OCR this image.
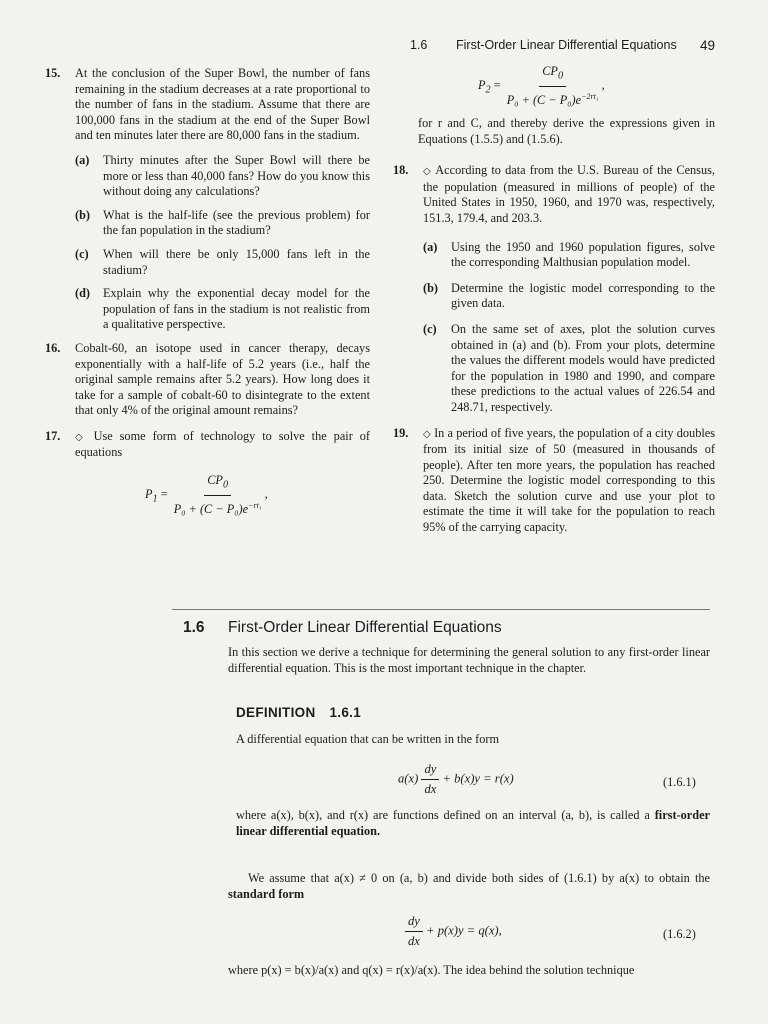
1.6 First-Order Linear Differential Equations 49
15. At the conclusion of the Super Bowl, the number of fans remaining in the stadium decreases at a rate proportional to the number of fans in the stadium. Assume that there are 100,000 fans in the stadium at the end of the Super Bowl and ten minutes later there are 80,000 fans in the stadium.

(a) Thirty minutes after the Super Bowl will there be more or less than 40,000 fans? How do you know this without doing any calculations?
(b) What is the half-life (see the previous problem) for the fan population in the stadium?
(c) When will there be only 15,000 fans left in the stadium?
(d) Explain why the exponential decay model for the population of fans in the stadium is not realistic from a qualitative perspective.
16. Cobalt-60, an isotope used in cancer therapy, decays exponentially with a half-life of 5.2 years (i.e., half the original sample remains after 5.2 years). How long does it take for a sample of cobalt-60 to disintegrate to the extent that only 4% of the original amount remains?

17. ◇ Use some form of technology to solve the pair of equations

$P_1 = \frac{CP_0}{P_0 + (C - P_0)e^{-rt_1}}$ ,
$P_2 = \frac{CP_0}{P_0 + (C - P_0)e^{-2rt_1}}$ ,

for r and C, and thereby derive the expressions given in Equations (1.5.5) and (1.5.6).

18. ◇ According to data from the U.S. Bureau of the Census, the population (measured in millions of people) of the United States in 1950, 1960, and 1970 was, respectively, 151.3, 179.4, and 203.3.

(a) Using the 1950 and 1960 population figures, solve the corresponding Malthusian population model.
(b) Determine the logistic model corresponding to the given data.
(c) On the same set of axes, plot the solution curves obtained in (a) and (b). From your plots, determine the values the different models would have predicted for the population in 1980 and 1990, and compare these predictions to the actual values of 226.54 and 248.71, respectively.
19. ◇ In a period of five years, the population of a city doubles from its initial size of 50 (measured in thousands of people). After ten more years, the population has reached 250. Determine the logistic model corresponding to this data. Sketch the solution curve and use your plot to estimate the time it will take for the population to reach 95% of the carrying capacity.

1.6 First-Order Linear Differential Equations

In this section we derive a technique for determining the general solution to any first-order linear differential equation. This is the most important technique in the chapter.

DEFINITION 1.6.1

A differential equation that can be written in the form

$a(x) \frac{dy}{dx} + b(x)y = r(x)$	(1.6.1)

where a(x), b(x), and r(x) are functions defined on an interval (a, b), is called a first-order linear differential equation.

We assume that a(x) ≠ 0 on (a, b) and divide both sides of (1.6.1) by a(x) to obtain the standard form

$\frac{dy}{dx} + p(x)y = q(x)$,	(1.6.2)

where p(x) = b(x)/a(x) and q(x) = r(x)/a(x). The idea behind the solution technique
